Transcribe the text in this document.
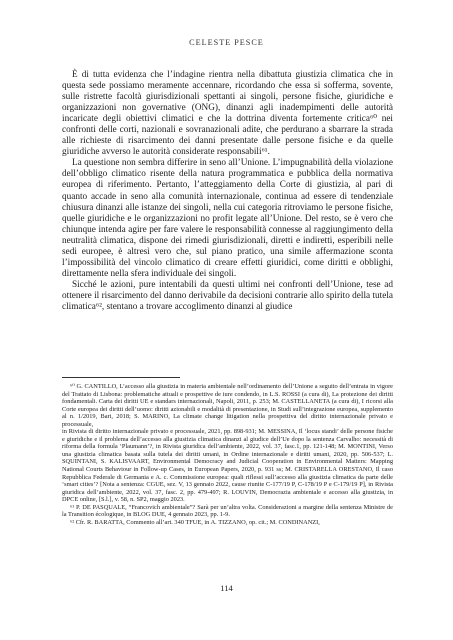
CELESTE PESCE

È di tutta evidenza che l’indagine rientra nella dibattuta giustizia climatica che in questa sede possiamo meramente accennare, ricordando che essa si sofferma, sovente, sulle ristrette facoltà giurisdizionali spettanti ai singoli, persone fisiche, giuridiche e organizzazioni non governative (ONG), dinanzi agli inadempimenti delle autorità incaricate degli obiettivi climatici e che la dottrina diventa fortemente critica⁶⁰ nei confronti delle corti, nazionali e sovranazionali adite, che perdurano a sbarrare la strada alle richieste di risarcimento dei danni presentate dalle persone fisiche e da quelle giuridiche avverso le autorità considerate responsabili⁶¹.

La questione non sembra differire in seno all’Unione. L’impugnabilità della violazione dell’obbligo climatico risente della natura programmatica e pubblica della normativa europea di riferimento. Pertanto, l’atteggiamento della Corte di giustizia, al pari di quanto accade in seno alla comunità internazionale, continua ad essere di tendenziale chiusura dinanzi alle istanze dei singoli, nella cui categoria ritroviamo le persone fisiche, quelle giuridiche e le organizzazioni no profit legate all’Unione. Del resto, se è vero che chiunque intenda agire per fare valere le responsabilità connesse al raggiungimento della neutralità climatica, dispone dei rimedi giurisdizionali, diretti e indiretti, esperibili nelle sedi europee, è altresì vero che, sul piano pratico, una simile affermazione sconta l’impossibilità del vincolo climatico di creare effetti giuridici, come diritti e obblighi, direttamente nella sfera individuale dei singoli.

Sicché le azioni, pure intentabili da questi ultimi nei confronti dell’Unione, tese ad ottenere il risarcimento del danno derivabile da decisioni contrarie allo spirito della tutela climatica⁶², stentano a trovare accoglimento dinanzi al giudice

⁶⁰ G. CANTILLO, L’accesso alla giustizia in materia ambientale nell’ordinamento dell’Unione a seguito dell’entrata in vigore del Trattato di Lisbona: problematiche attuali e prospettive de iure condendo, in L.S. ROSSI (a cura di), La protezione dei diritti fondamentali. Carta dei diritti UE e standars internazionali, Napoli, 2011, p. 253; M. CASTELLANETA (a cura di), I ricorsi alla Corte europea dei diritti dell’uomo: diritti azionabili e modalità di presentazione, in Studi sull’integrazione europea, supplemento al n. 1/2019, Bari, 2018; S. MARINO, La climate change litigation nella prospettiva del diritto internazionale privato e processuale,

in Rivista di diritto internazionale privato e processuale, 2021, pp. 898-931; M. MESSINA, Il ‘locus standi’ delle persone fisiche e giuridiche e il problema dell’accesso alla giustizia climatica dinanzi al giudice dell’Ue dopo la sentenza Carvalho: necessità di riforma della formula ‘Plaumann’?, in Rivista giuridica dell’ambiente, 2022, vol. 37, fasc.1, pp. 121-148; M. MONTINI, Verso una giustizia climatica basata sulla tutela dei diritti umani, in Ordine internazionale e diritti umani, 2020, pp. 506-537; L. SQUINTANI, S. KALISVAART, Environmental Democracy and Judicial Cooperation in Environmental Matters: Mapping National Courts Behaviour in Follow-up Cases, in European Papers, 2020, p. 931 ss; M. CRISTARELLA ORESTANO, Il caso Repubblica Federale di Germania e A. c. Commissione europea: quali riflessi sull’accesso alla giustizia climatica da parte delle ‘smart cities’? [Nota a sentenza: CGUE, sez. V, 13 gennaio 2022, cause riunite C-177/19 P, C-178/19 P e C-179/19 P], in Rivista giuridica dell’ambiente, 2022, vol. 37, fasc. 2, pp. 479-497; R. LOUVIN, Democrazia ambientale e accesso alla giustizia, in DPCE online, [S.l.], v. 58, n. SP2, maggio 2023.

⁶¹ P. DE PASQUALE, “Francovich ambientale”? Sarà per un’altra volta. Considerazioni a margine della sentenza Ministre de la Transition écologique, in BLOG DUE, 4 gennaio 2023, pp. 1-9.

⁶² Cfr. R. BARATTA, Commento all’art. 340 TFUE, in A. TIZZANO, op. cit.; M. CONDINANZI,

114
